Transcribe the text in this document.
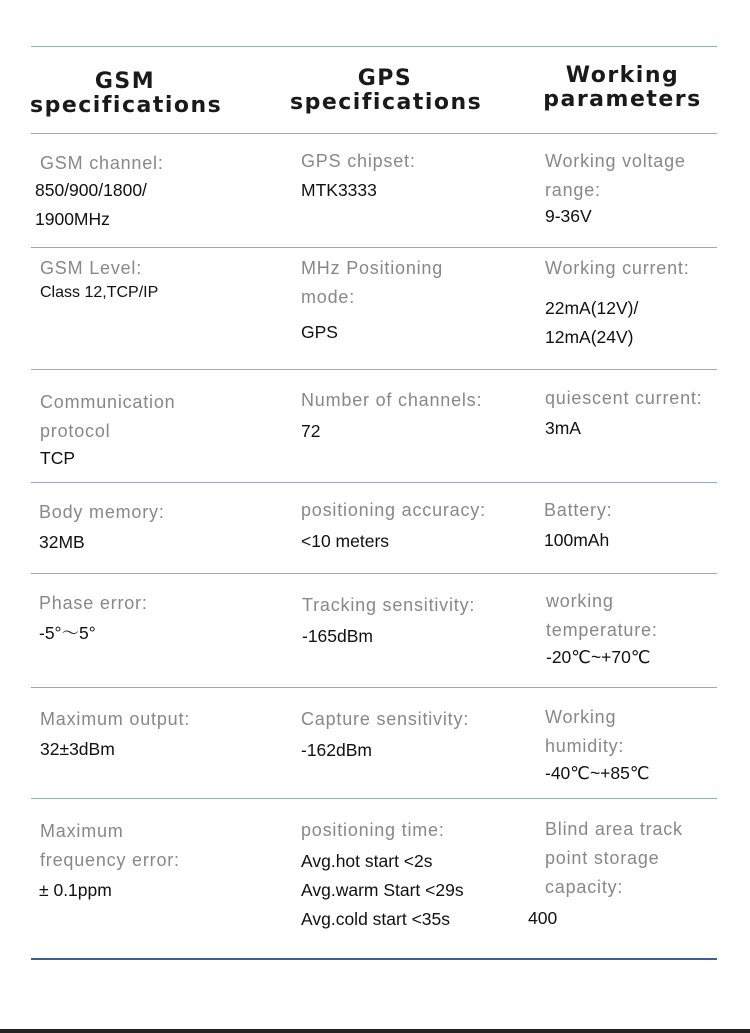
GSM
specifications
GPS
specifications
Working
parameters
GSM channel:
850/900/1800/
1900MHz
GPS chipset:
MTK3333
Working voltage
range:
9-36V
GSM Level:
Class 12,TCP/IP
MHz Positioning
mode:
GPS
Working current:
22mA(12V)/
12mA(24V)
Communication
protocol
TCP
Number of channels:
72
quiescent current:
3mA
Body memory:
32MB
positioning accuracy:
<10 meters
Battery:
100mAh
Phase error:
-5°～5°
Tracking sensitivity:
-165dBm
working
temperature:
-20℃~+70℃
Maximum output:
32±3dBm
Capture sensitivity:
-162dBm
Working
humidity:
-40℃~+85℃
Maximum
frequency error:
± 0.1ppm
positioning time:
Avg.hot start <2s
Avg.warm Start <29s
Avg.cold start <35s
Blind area track
point storage
capacity:
400
